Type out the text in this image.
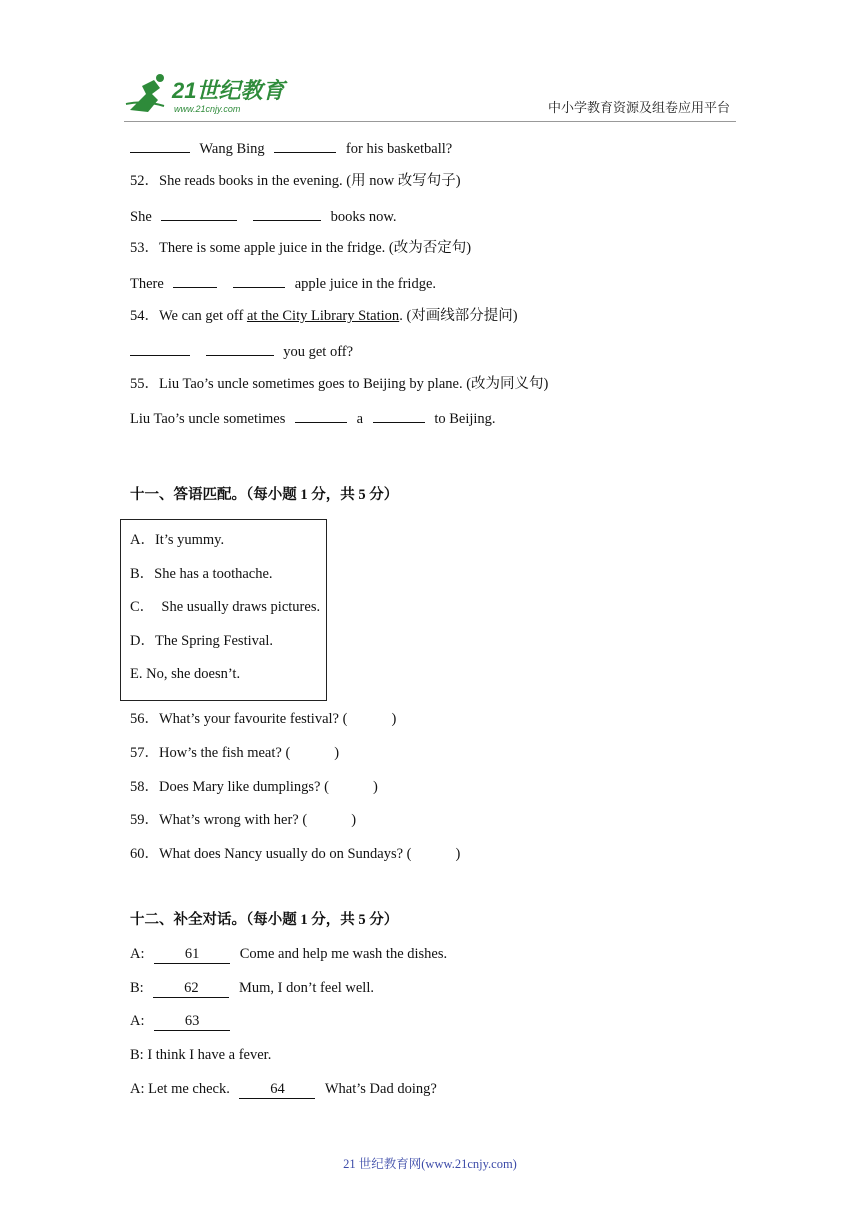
21世纪教育
www.21cnjy.com	中小学教育资源及组卷应用平台
Wang Bing	for his basketball?
52．She reads books in the evening. (用 now 改写句子)
She	books now.
53．There is some apple juice in the fridge. (改为否定句)
There	apple juice in the fridge.
54．We can get off at the City Library Station. (对画线部分提问)
you get off?
55．Liu Tao’s uncle sometimes goes to Beijing by plane. (改为同义句)
Liu Tao’s uncle sometimes	a	to Beijing.
十一、答语匹配。（每小题 1 分，共 5 分）
A．It’s yummy.
B．She has a toothache.
C．  She usually draws pictures.
D．The Spring Festival.
E. No, she doesn’t.
56．What’s your favourite festival? (	)
57．How’s the fish meat? (	)
58．Does Mary like dumplings? (	)
59．What’s wrong with her? (	)
60．What does Nancy usually do on Sundays? (	)
十二、补全对话。（每小题 1 分，共 5 分）
A:	61	Come and help me wash the dishes.
B:	62	Mum, I don’t feel well.
A:	63
B: I think I have a fever.
A: Let me check.	64	What’s Dad doing?
21 世纪教育网(www.21cnjy.com)
